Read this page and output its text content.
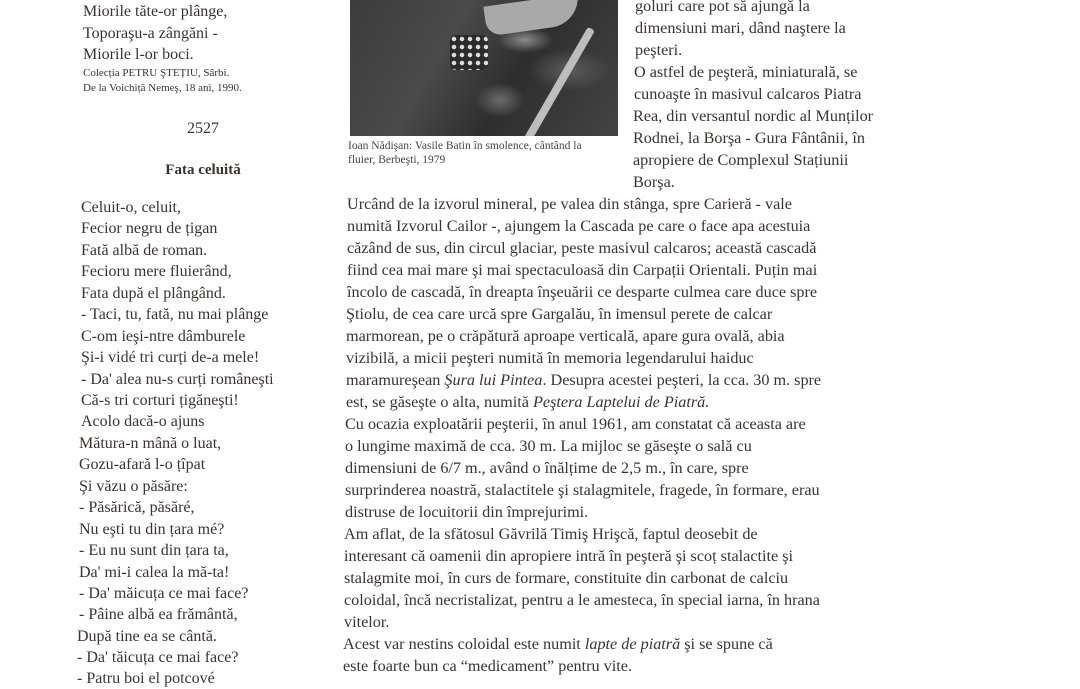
Miorile tăte-or plânge,
Toporaşu-a zângăni -
Miorile l-or boci.
Colecția PETRU ŞTEȚIU, Sârbi.
De la Voichiță Nemeş, 18 ani, 1990.
2527
Fata celuită
Celuit-o, celuit,
Fecior negru de țigan
Fată albă de roman.
Fecioru mere fluierând,
Fata după el plângând.
- Taci, tu, fată, nu mai plânge
C-om ieşi-ntre dâmburele
Şi-i vidé tri curți de-a mele!
- Da' alea nu-s curți româneşti
Că-s tri corturi țigăneşti!
Acolo dacă-o ajuns
Mătura-n mână o luat,
Gozu-afară l-o țîpat
Şi văzu o păsăre:
- Păsărică, păsăré,
Nu eşti tu din țara mé?
- Eu nu sunt din țara ta,
Da' mi-i calea la mă-ta!
- Da' măicuța ce mai face?
- Pâine albă ea frământă,
După tine ea se cântă.
- Da' tăicuța ce mai face?
- Patru boi el potcové
Ioan Nădişan: Vasile Batin în smolence, cântând la
fluier, Berbeşti, 1979
goluri care pot să ajungă la
dimensiuni mari, dând naştere la
peşteri.
O astfel de peşteră, miniaturală, se
cunoaşte în masivul calcaros Piatra
Rea, din versantul nordic al Munților
Rodnei, la Borşa - Gura Fântânii, în
apropiere de Complexul Stațiunii
Borşa.
Urcând de la izvorul mineral, pe valea din stânga, spre Carieră - vale
numită Izvorul Cailor -, ajungem la Cascada pe care o face apa acestuia
căzând de sus, din circul glaciar, peste masivul calcaros; această cascadă
fiind cea mai mare şi mai spectaculoasă din Carpații Orientali. Puțin mai
încolo de cascadă, în dreapta înşeuării ce desparte culmea care duce spre
Ştiolu, de cea care urcă spre Gargalău, în imensul perete de calcar
marmorean, pe o crăpătură aproape verticală, apare gura ovală, abia
vizibilă, a micii peşteri numită în memoria legendarului haiduc
maramureşean Şura lui Pintea. Desupra acestei peşteri, la cca. 30 m. spre
est, se găseşte o alta, numită Peştera Laptelui de Piatră.
Cu ocazia exploatării peşterii, în anul 1961, am constatat că aceasta are
o lungime maximă de cca. 30 m. La mijloc se găseşte o sală cu
dimensiuni de 6/7 m., având o înălțime de 2,5 m., în care, spre
surprinderea noastră, stalactitele şi stalagmitele, fragede, în formare, erau
distruse de locuitorii din împrejurimi.
Am aflat, de la sfătosul Găvrilă Timiş Hrişcă, faptul deosebit de
interesant că oamenii din apropiere intră în peşteră şi scoț stalactite şi
stalagmite moi, în curs de formare, constituite din carbonat de calciu
coloidal, încă necristalizat, pentru a le amesteca, în special iarna, în hrana
vitelor.
Acest var nestins coloidal este numit lapte de piatră şi se spune că
este foarte bun ca “medicament” pentru vite.
